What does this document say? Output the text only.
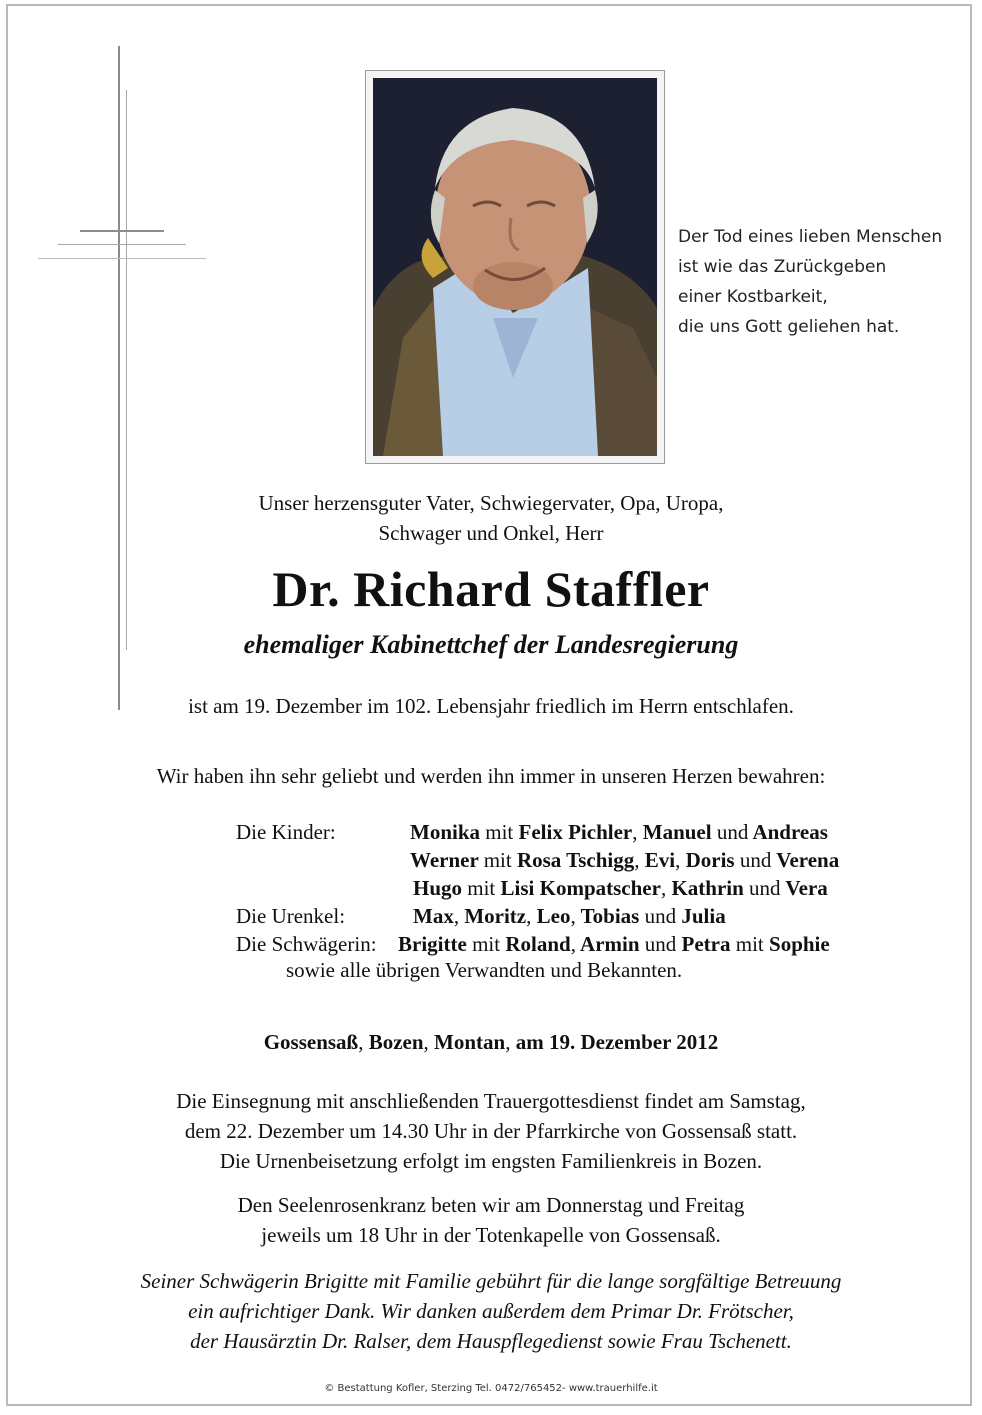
Der Tod eines lieben Menschen
ist wie das Zurückgeben
einer Kostbarkeit,
die uns Gott geliehen hat.
Unser herzensguter Vater, Schwiegervater, Opa, Uropa,
Schwager und Onkel, Herr
Dr. Richard Staffler
ehemaliger Kabinettchef der Landesregierung
ist am 19. Dezember im 102. Lebensjahr friedlich im Herrn entschlafen.
Wir haben ihn sehr geliebt und werden ihn immer in unseren Herzen bewahren:
Die Kinder:	Monika mit Felix Pichler, Manuel und Andreas
Werner mit Rosa Tschigg, Evi, Doris und Verena
Hugo mit Lisi Kompatscher, Kathrin und Vera
Die Urenkel:	Max, Moritz, Leo, Tobias und Julia
Die Schwägerin: Brigitte mit Roland, Armin und Petra mit Sophie
sowie alle übrigen Verwandten und Bekannten.
Gossensaß, Bozen, Montan, am 19. Dezember 2012
Die Einsegnung mit anschließenden Trauergottesdienst findet am Samstag,
dem 22. Dezember um 14.30 Uhr in der Pfarrkirche von Gossensaß statt.
Die Urnenbeisetzung erfolgt im engsten Familienkreis in Bozen.
Den Seelenrosenkranz beten wir am Donnerstag und Freitag
jeweils um 18 Uhr in der Totenkapelle von Gossensaß.
Seiner Schwägerin Brigitte mit Familie gebührt für die lange sorgfältige Betreuung
ein aufrichtiger Dank. Wir danken außerdem dem Primar Dr. Frötscher,
der Hausärztin Dr. Ralser, dem Hauspflegedienst sowie Frau Tschenett.
© Bestattung Kofler, Sterzing Tel. 0472/765452- www.trauerhilfe.it
